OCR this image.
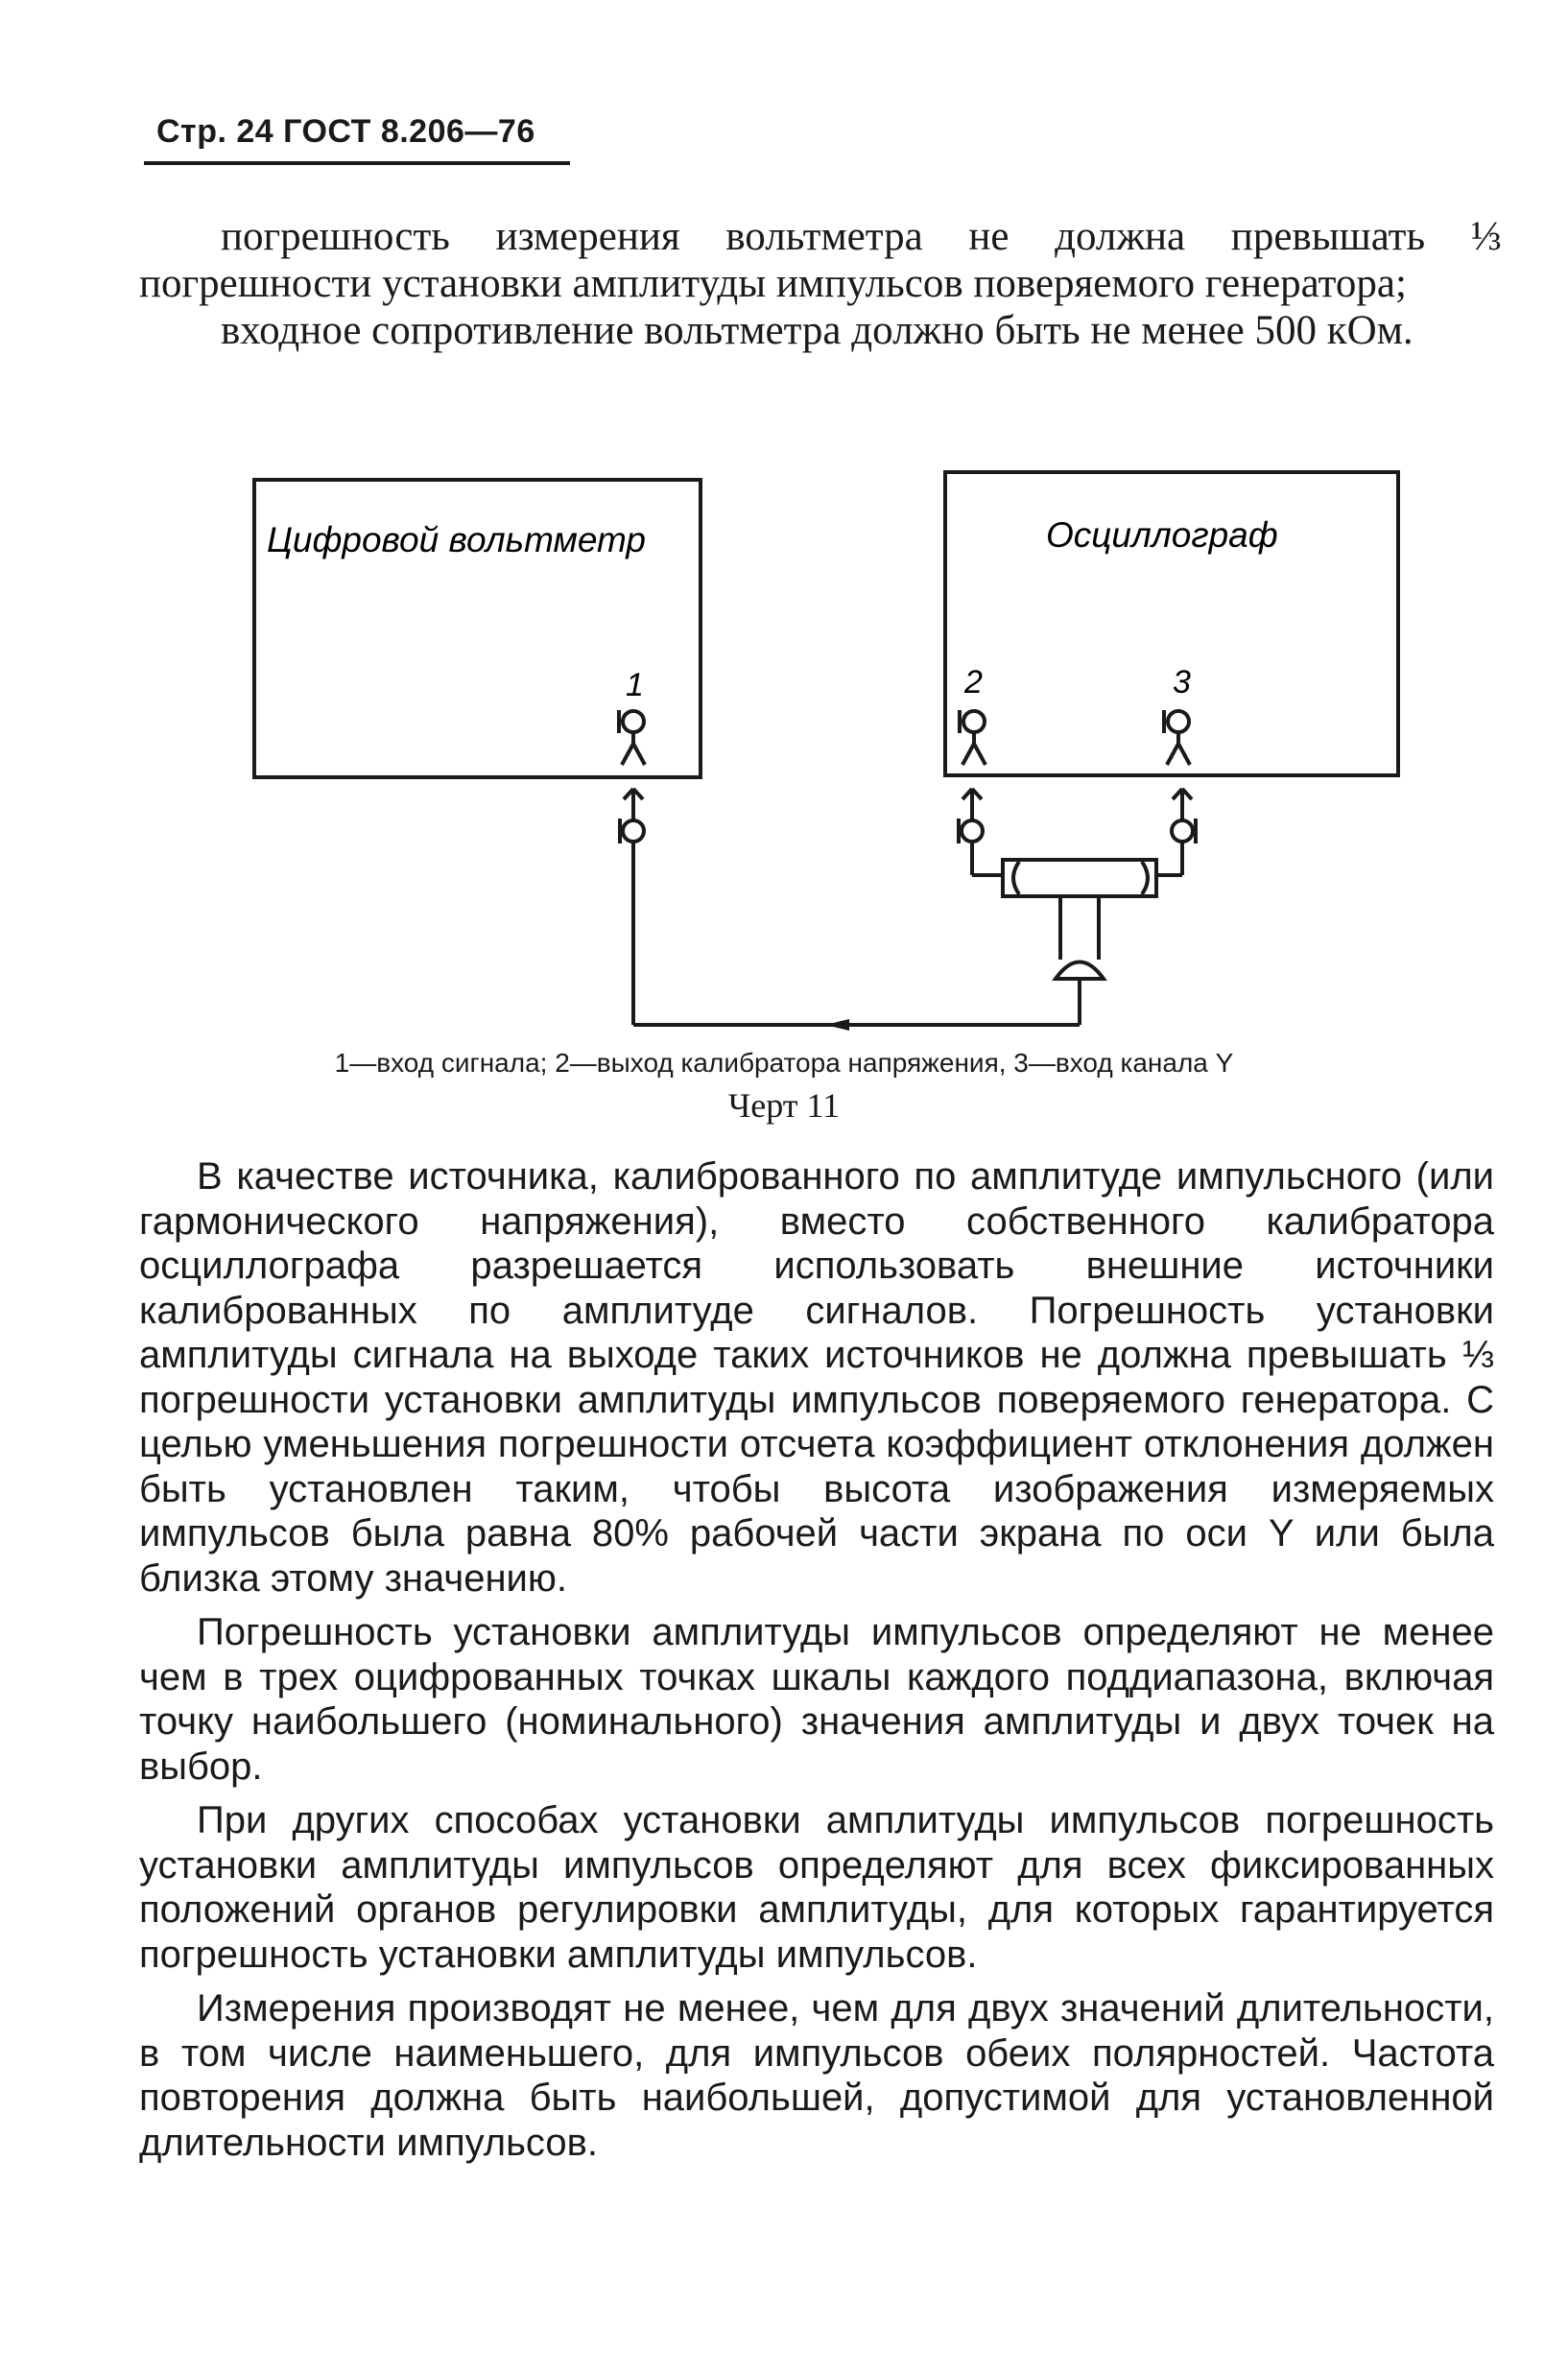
Стр. 24 ГОСТ 8.206—76

погрешность измерения вольтметра не должна превышать ⅓ погрешности установки амплитуды импульсов поверяемого генератора;

входное сопротивление вольтметра должно быть не менее 500 кОм.

Цифровой вольтметр	Осциллограф
1	2	3
1—вход сигнала; 2—выход калибратора напряжения, 3—вход канала Y
Черт 11

В качестве источника, калиброванного по амплитуде импульсного (или гармонического напряжения), вместо собственного калибратора осциллографа разрешается использовать внешние источники калиброванных по амплитуде сигналов. Погрешность установки амплитуды сигнала на выходе таких источников не должна превышать ⅓ погрешности установки амплитуды импульсов поверяемого генератора. С целью уменьшения погрешности отсчета коэффициент отклонения должен быть установлен таким, чтобы высота изображения измеряемых импульсов была равна 80% рабочей части экрана по оси Y или была близка этому значению.

Погрешность установки амплитуды импульсов определяют не менее чем в трех оцифрованных точках шкалы каждого поддиапазона, включая точку наибольшего (номинального) значения амплитуды и двух точек на выбор.

При других способах установки амплитуды импульсов погрешность установки амплитуды импульсов определяют для всех фиксированных положений органов регулировки амплитуды, для которых гарантируется погрешность установки амплитуды импульсов.

Измерения производят не менее, чем для двух значений длительности, в том числе наименьшего, для импульсов обеих полярностей. Частота повторения должна быть наибольшей, допустимой для установленной длительности импульсов.
